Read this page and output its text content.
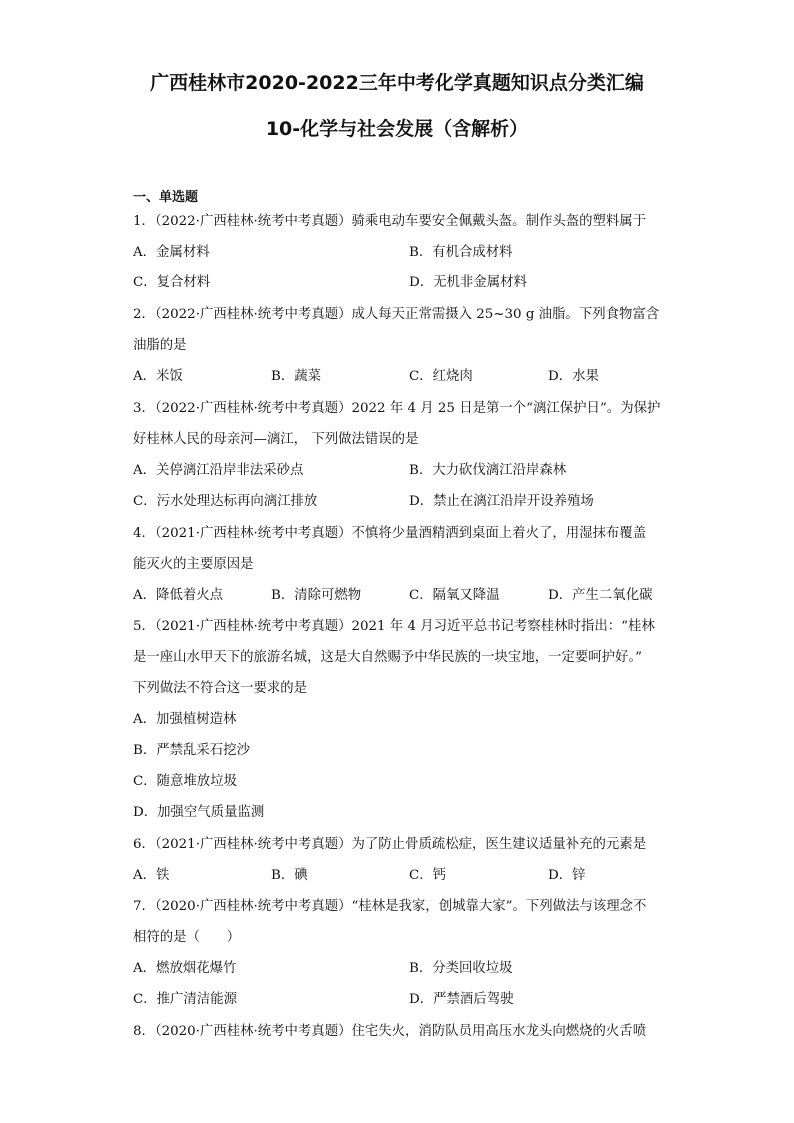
广西桂林市2020-2022三年中考化学真题知识点分类汇编
10-化学与社会发展（含解析）
一、单选题
1．（2022·广西桂林·统考中考真题）骑乘电动车要安全佩戴头盔。制作头盔的塑料属于
A．金属材料	B．有机合成材料
C．复合材料	D．无机非金属材料
2．（2022·广西桂林·统考中考真题）成人每天正常需摄入 25~30 g 油脂。下列食物富含
油脂的是
A．米饭	B．蔬菜	C．红烧肉	D．水果
3．（2022·广西桂林·统考中考真题）2022 年 4 月 25 日是第一个“漓江保护日”。为保护
好桂林人民的母亲河—漓江， 下列做法错误的是
A．关停漓江沿岸非法采砂点	B．大力砍伐漓江沿岸森林
C．污水处理达标再向漓江排放	D．禁止在漓江沿岸开设养殖场
4．（2021·广西桂林·统考中考真题）不慎将少量酒精洒到桌面上着火了，用湿抹布覆盖
能灭火的主要原因是
A．降低着火点	B．清除可燃物	C．隔氧又降温	D．产生二氧化碳
5．（2021·广西桂林·统考中考真题）2021 年 4 月习近平总书记考察桂林时指出：“桂林
是一座山水甲天下的旅游名城，这是大自然赐予中华民族的一块宝地，一定要呵护好。”
下列做法不符合这一要求的是
A．加强植树造林
B．严禁乱采石挖沙
C．随意堆放垃圾
D．加强空气质量监测
6．（2021·广西桂林·统考中考真题）为了防止骨质疏松症，医生建议适量补充的元素是
A．铁	B．碘	C．钙	D．锌
7．（2020·广西桂林·统考中考真题）“桂林是我家，创城靠大家”。下列做法与该理念不
相符的是（　　）
A．燃放烟花爆竹	B．分类回收垃圾
C．推广清洁能源	D．严禁酒后驾驶
8．（2020·广西桂林·统考中考真题）住宅失火，消防队员用高压水龙头向燃烧的火舌喷
